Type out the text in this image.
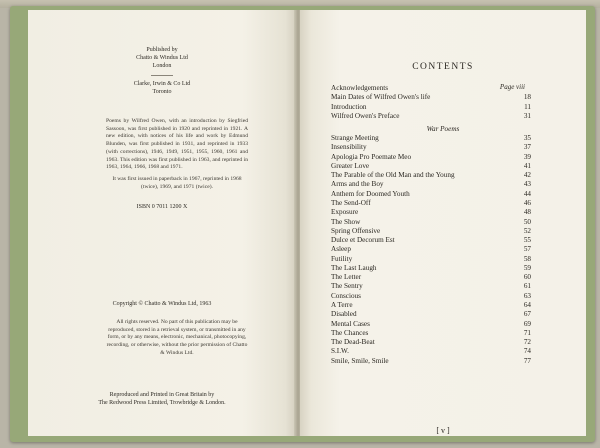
Published by
Chatto & Windus Ltd
London
Clarke, Irwin & Co Ltd
Toronto
Poems by Wilfred Owen, with an introduction by Siegfried Sassoon, was first published in 1920 and reprinted in 1921. A new edition, with notices of his life and work by Edmund Blunden, was first published in 1931, and reprinted in 1933 (with corrections), 1946, 1949, 1951, 1955, 1960, 1961 and 1963. This edition was first published in 1963, and reprinted in 1963, 1964, 1966, 1968 and 1971.
It was first issued in paperback in 1967, reprinted in 1968 (twice), 1969, and 1971 (twice).
ISBN 0 7011 1200 X
Copyright © Chatto & Windus Ltd, 1963
All rights reserved. No part of this publication may be reproduced, stored in a retrieval system, or transmitted in any form, or by any means, electronic, mechanical, photocopying, recording, or otherwise, without the prior permission of Chatto & Windus Ltd.
Reproduced and Printed in Great Britain by
The Redwood Press Limited, Trowbridge & London.
CONTENTS
Page viii
Acknowledgements
Main Dates of Wilfred Owen's life	18
Introduction	11
Wilfred Owen's Preface	31
War Poems
Strange Meeting	35
Insensibility	37
Apologia Pro Poemate Meo	39
Greater Love	41
The Parable of the Old Man and the Young	42
Arms and the Boy	43
Anthem for Doomed Youth	44
The Send-Off	46
Exposure	48
The Show	50
Spring Offensive	52
Dulce et Decorum Est	55
Asleep	57
Futility	58
The Last Laugh	59
The Letter	60
The Sentry	61
Conscious	63
A Terre	64
Disabled	67
Mental Cases	69
The Chances	71
The Dead-Beat	72
S.I.W.	74
Smile, Smile, Smile	77
[ v ]
